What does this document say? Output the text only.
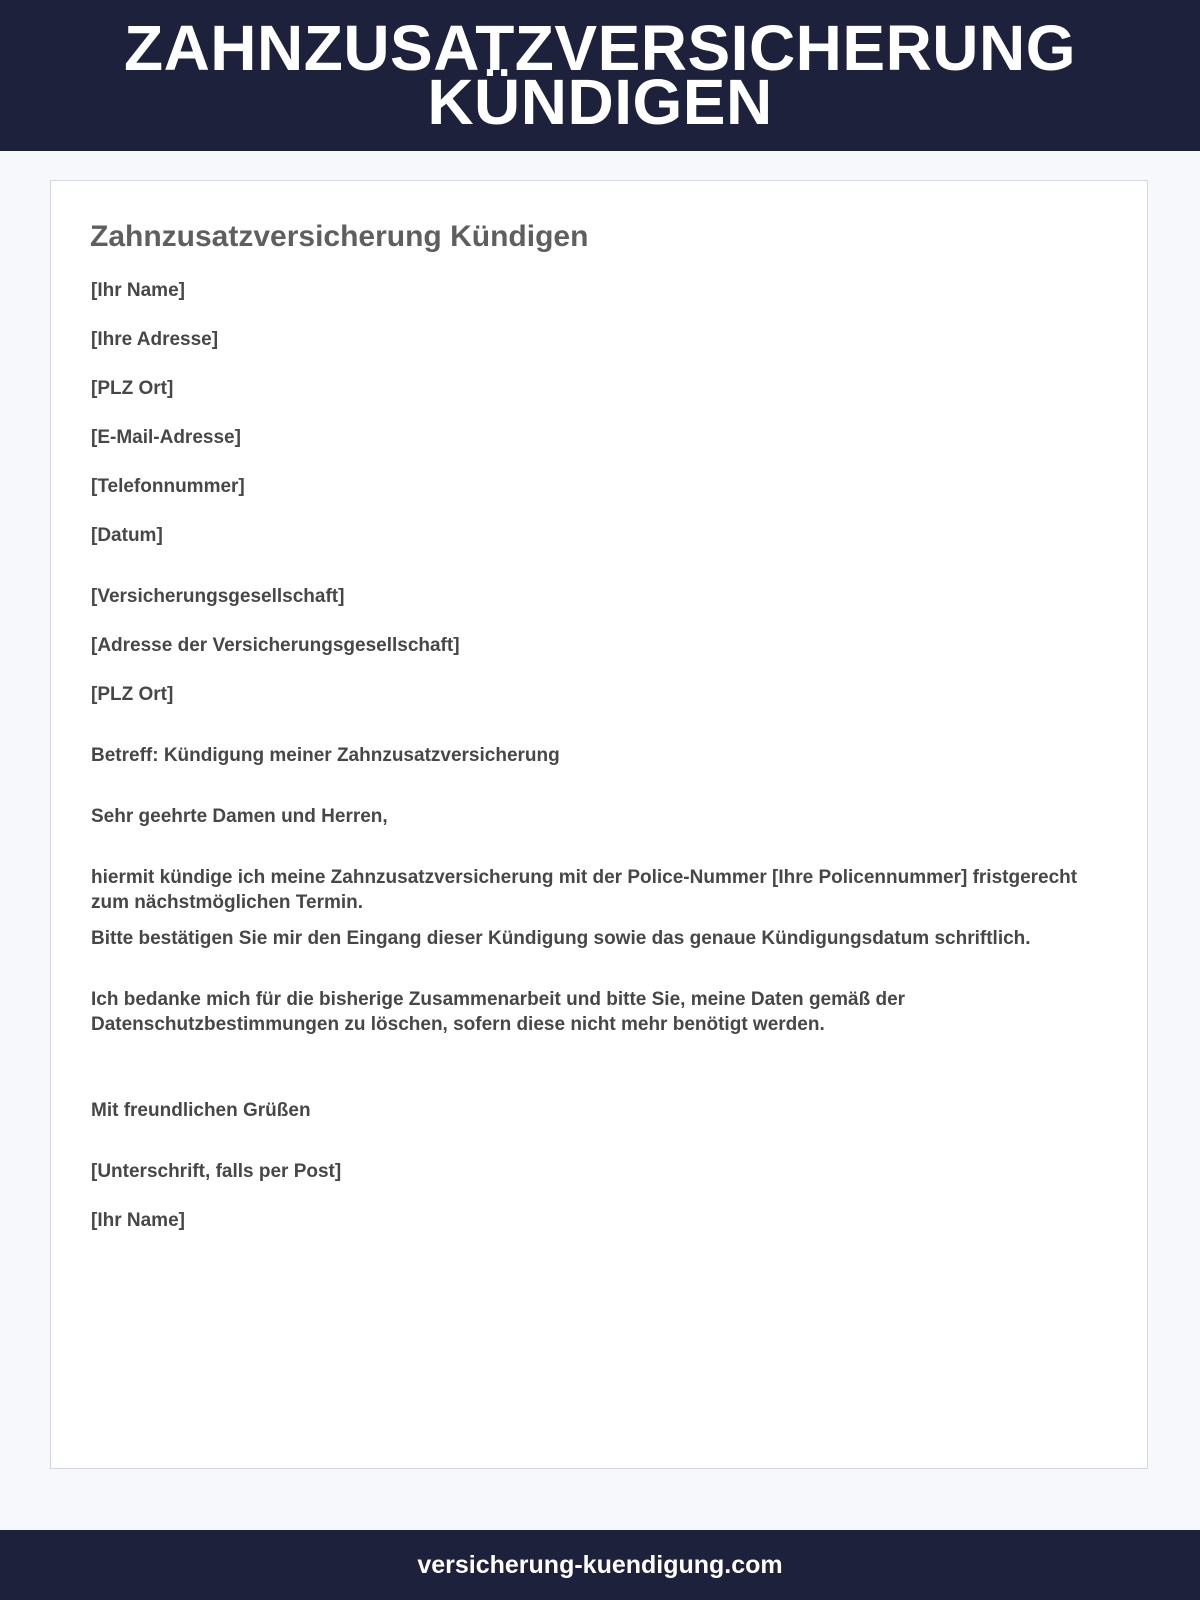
ZAHNZUSATZVERSICHERUNG KÜNDIGEN
Zahnzusatzversicherung Kündigen

[Ihr Name]

[Ihre Adresse]

[PLZ Ort]

[E-Mail-Adresse]

[Telefonnummer]

[Datum]

[Versicherungsgesellschaft]

[Adresse der Versicherungsgesellschaft]

[PLZ Ort]

Betreff: Kündigung meiner Zahnzusatzversicherung

Sehr geehrte Damen und Herren,

hiermit kündige ich meine Zahnzusatzversicherung mit der Police-Nummer [Ihre Policennummer] fristgerecht zum nächstmöglichen Termin.

Bitte bestätigen Sie mir den Eingang dieser Kündigung sowie das genaue Kündigungsdatum schriftlich.

Ich bedanke mich für die bisherige Zusammenarbeit und bitte Sie, meine Daten gemäß der Datenschutzbestimmungen zu löschen, sofern diese nicht mehr benötigt werden.

Mit freundlichen Grüßen

[Unterschrift, falls per Post]

[Ihr Name]

versicherung-kuendigung.com
